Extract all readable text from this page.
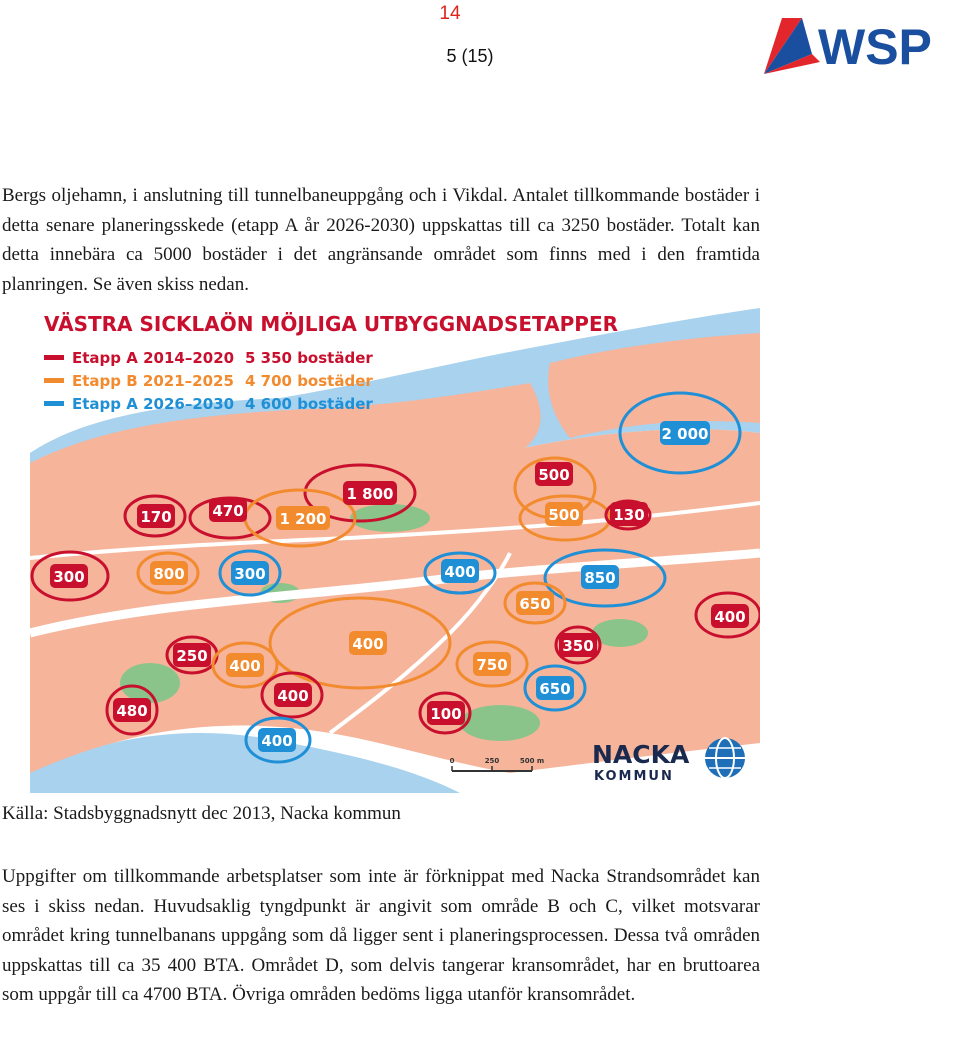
14
5 (15)	WSP

Bergs oljehamn, i anslutning till tunnelbaneuppgång och i Vikdal. Antalet tillkommande bostäder i detta senare planeringsskede (etapp A år 2026-2030) uppskattas till ca 3250 bostäder. Totalt kan detta innebära ca 5000 bostäder i det angränsande området som finns med i den framtida planringen. Se även skiss nedan.

VÄSTRA SICKLAÖN MÖJLIGA UTBYGGNADSETAPPER
Etapp A 2014–2020 5 350 bostäder
Etapp B 2021–2025 4 700 bostäder
Etapp A 2026–2030 4 600 bostäder
2 000
500
1 800
470
170	1 200	500 130
300	800	300	400	850
650
400
400	350
250
400	750
400	650
480	100
400
0	250	500 m NACKA
KOMMUN

Källa: Stadsbyggnadsnytt dec 2013, Nacka kommun

Uppgifter om tillkommande arbetsplatser som inte är förknippat med Nacka Strandsområdet kan ses i skiss nedan. Huvudsaklig tyngdpunkt är angivit som område B och C, vilket motsvarar området kring tunnelbanans uppgång som då ligger sent i planeringsprocessen. Dessa två områden uppskattas till ca 35 400 BTA. Området D, som delvis tangerar kransområdet, har en bruttoarea som uppgår till ca 4700 BTA. Övriga områden bedöms ligga utanför kransområdet.
